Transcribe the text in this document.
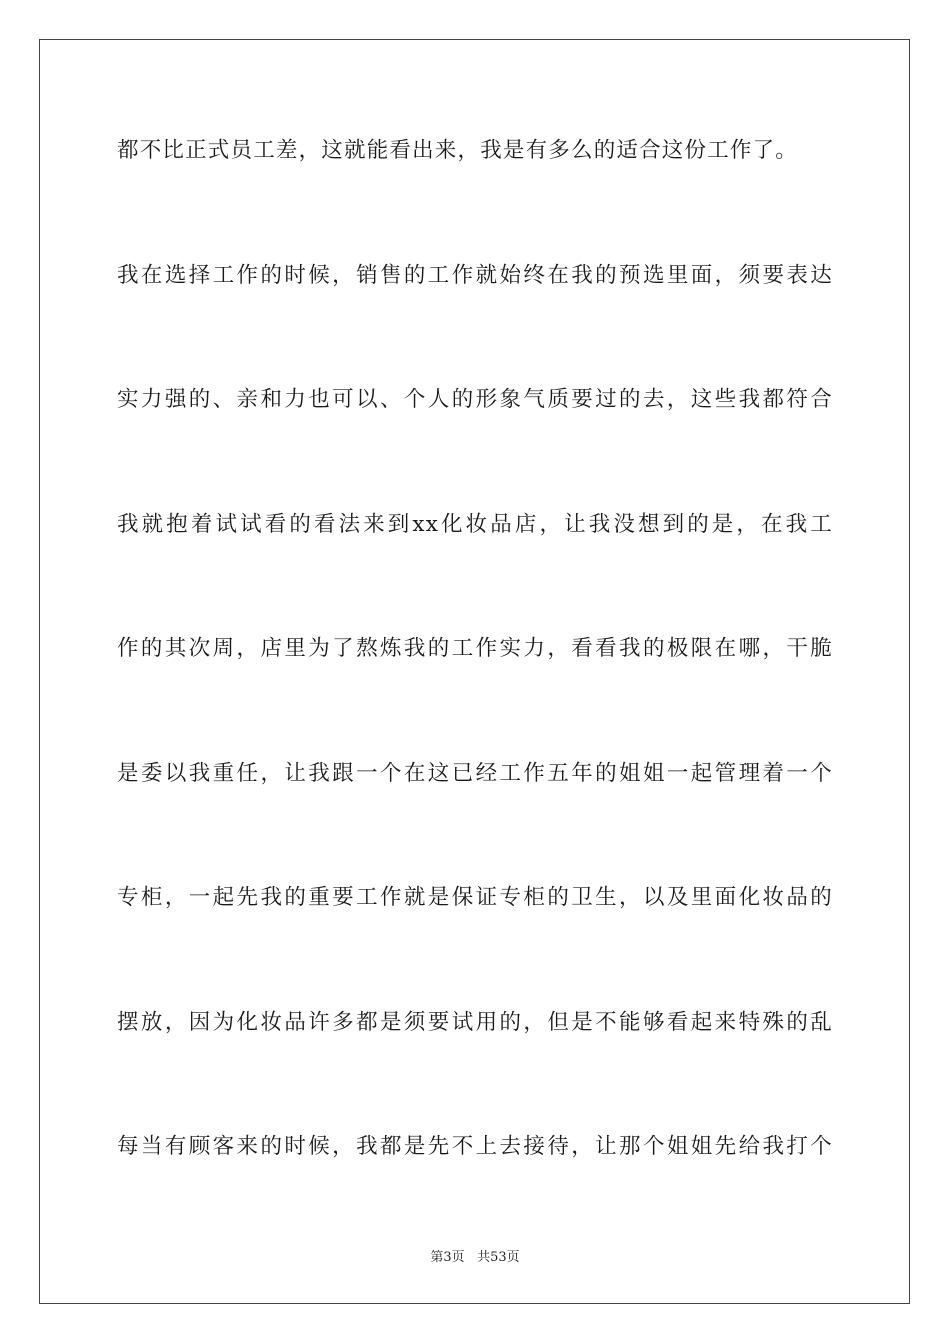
都不比正式员工差，这就能看出来，我是有多么的适合这份工作了。
我在选择工作的时候，销售的工作就始终在我的预选里面，须要表达
实力强的、亲和力也可以、个人的形象气质要过的去，这些我都符合
我就抱着试试看的看法来到xx化妆品店，让我没想到的是，在我工
作的其次周，店里为了熬炼我的工作实力，看看我的极限在哪，干脆
是委以我重任，让我跟一个在这已经工作五年的姐姐一起管理着一个
专柜，一起先我的重要工作就是保证专柜的卫生，以及里面化妆品的
摆放，因为化妆品许多都是须要试用的，但是不能够看起来特殊的乱
每当有顾客来的时候，我都是先不上去接待，让那个姐姐先给我打个
第3页 共53页
